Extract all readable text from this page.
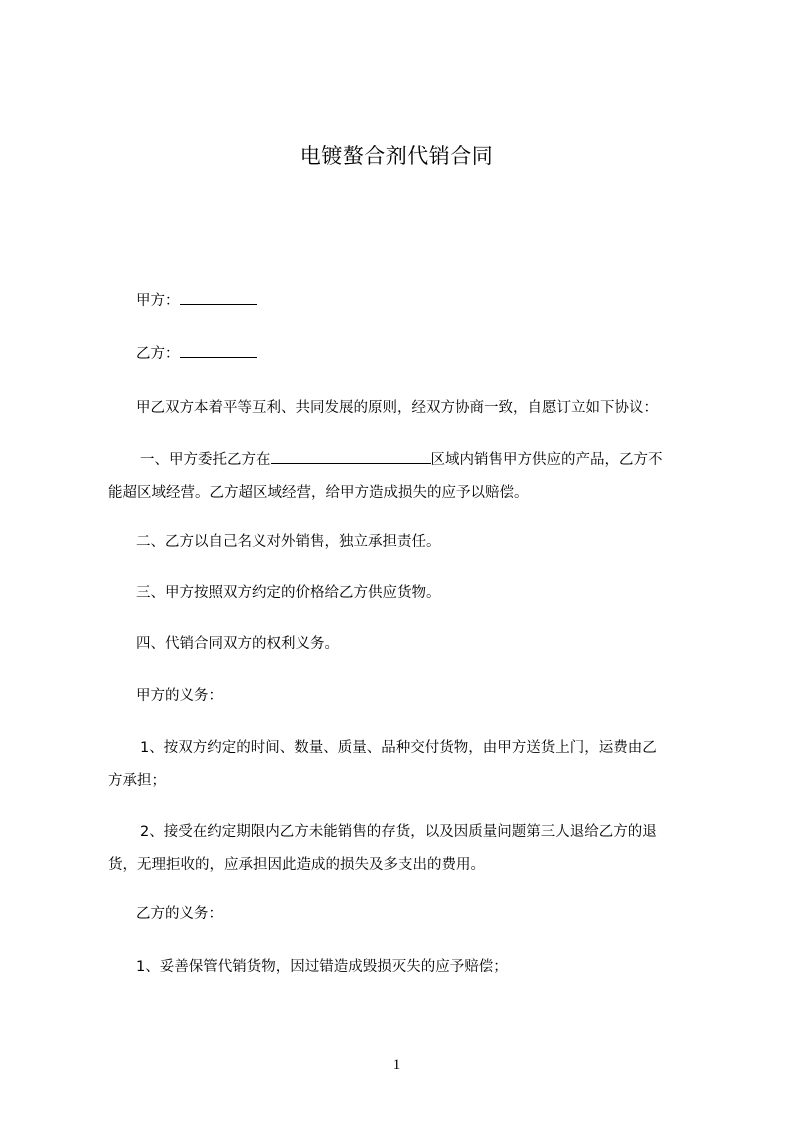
电镀螯合剂代销合同
甲方：
乙方：
甲乙双方本着平等互利、共同发展的原则，经双方协商一致，自愿订立如下协议：
一、甲方委托乙方在	区域内销售甲方供应的产品，乙方不
能超区域经营。乙方超区域经营，给甲方造成损失的应予以赔偿。
二、乙方以自己名义对外销售，独立承担责任。
三、甲方按照双方约定的价格给乙方供应货物。
四、代销合同双方的权利义务。
甲方的义务：
1、按双方约定的时间、数量、质量、品种交付货物，由甲方送货上门，运费由乙
方承担；
2、接受在约定期限内乙方未能销售的存货，以及因质量问题第三人退给乙方的退
货，无理拒收的，应承担因此造成的损失及多支出的费用。
乙方的义务：
1、妥善保管代销货物，因过错造成毁损灭失的应予赔偿；
1
